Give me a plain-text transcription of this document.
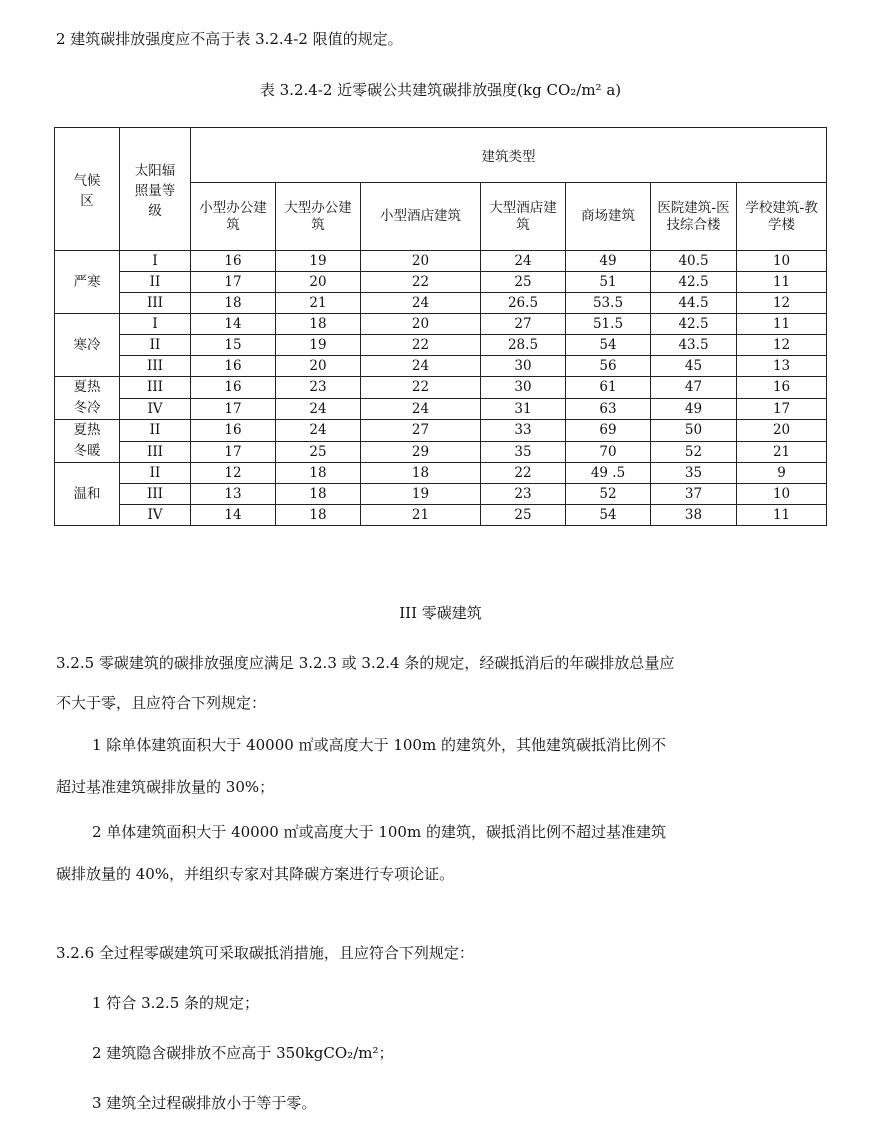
2 建筑碳排放强度应不高于表 3.2.4-2 限值的规定。
表 3.2.4-2 近零碳公共建筑碳排放强度(kg CO₂/m² a)
气候区	太阳辐照量等级	建筑类型						
		小型办公建筑	大型办公建筑	小型酒店建筑	大型酒店建筑	商场建筑	医院建筑-医技综合楼	学校建筑-教学楼
严寒	I	16	19	20	24	49	40.5	10
	II	17	20	22	25	51	42.5	11
	III	18	21	24	26.5	53.5	44.5	12
寒冷	I	14	18	20	27	51.5	42.5	11
	II	15	19	22	28.5	54	43.5	12
	III	16	20	24	30	56	45	13
夏热冬冷	III	16	23	22	30	61	47	16
	IV	17	24	24	31	63	49	17
夏热冬暖	II	16	24	27	33	69	50	20
	III	17	25	29	35	70	52	21
温和	II	12	18	18	22	49 .5	35	9
	III	13	18	19	23	52	37	10
	IV	14	18	21	25	54	38	11
III 零碳建筑
3.2.5 零碳建筑的碳排放强度应满足 3.2.3 或 3.2.4 条的规定，经碳抵消后的年碳排放总量应
不大于零，且应符合下列规定：
1 除单体建筑面积大于 40000 ㎡或高度大于 100m 的建筑外，其他建筑碳抵消比例不
超过基准建筑碳排放量的 30%；
2 单体建筑面积大于 40000 ㎡或高度大于 100m 的建筑，碳抵消比例不超过基准建筑
碳排放量的 40%，并组织专家对其降碳方案进行专项论证。
3.2.6 全过程零碳建筑可采取碳抵消措施，且应符合下列规定：
1 符合 3.2.5 条的规定；
2 建筑隐含碳排放不应高于 350kgCO₂/m²；
3 建筑全过程碳排放小于等于零。
